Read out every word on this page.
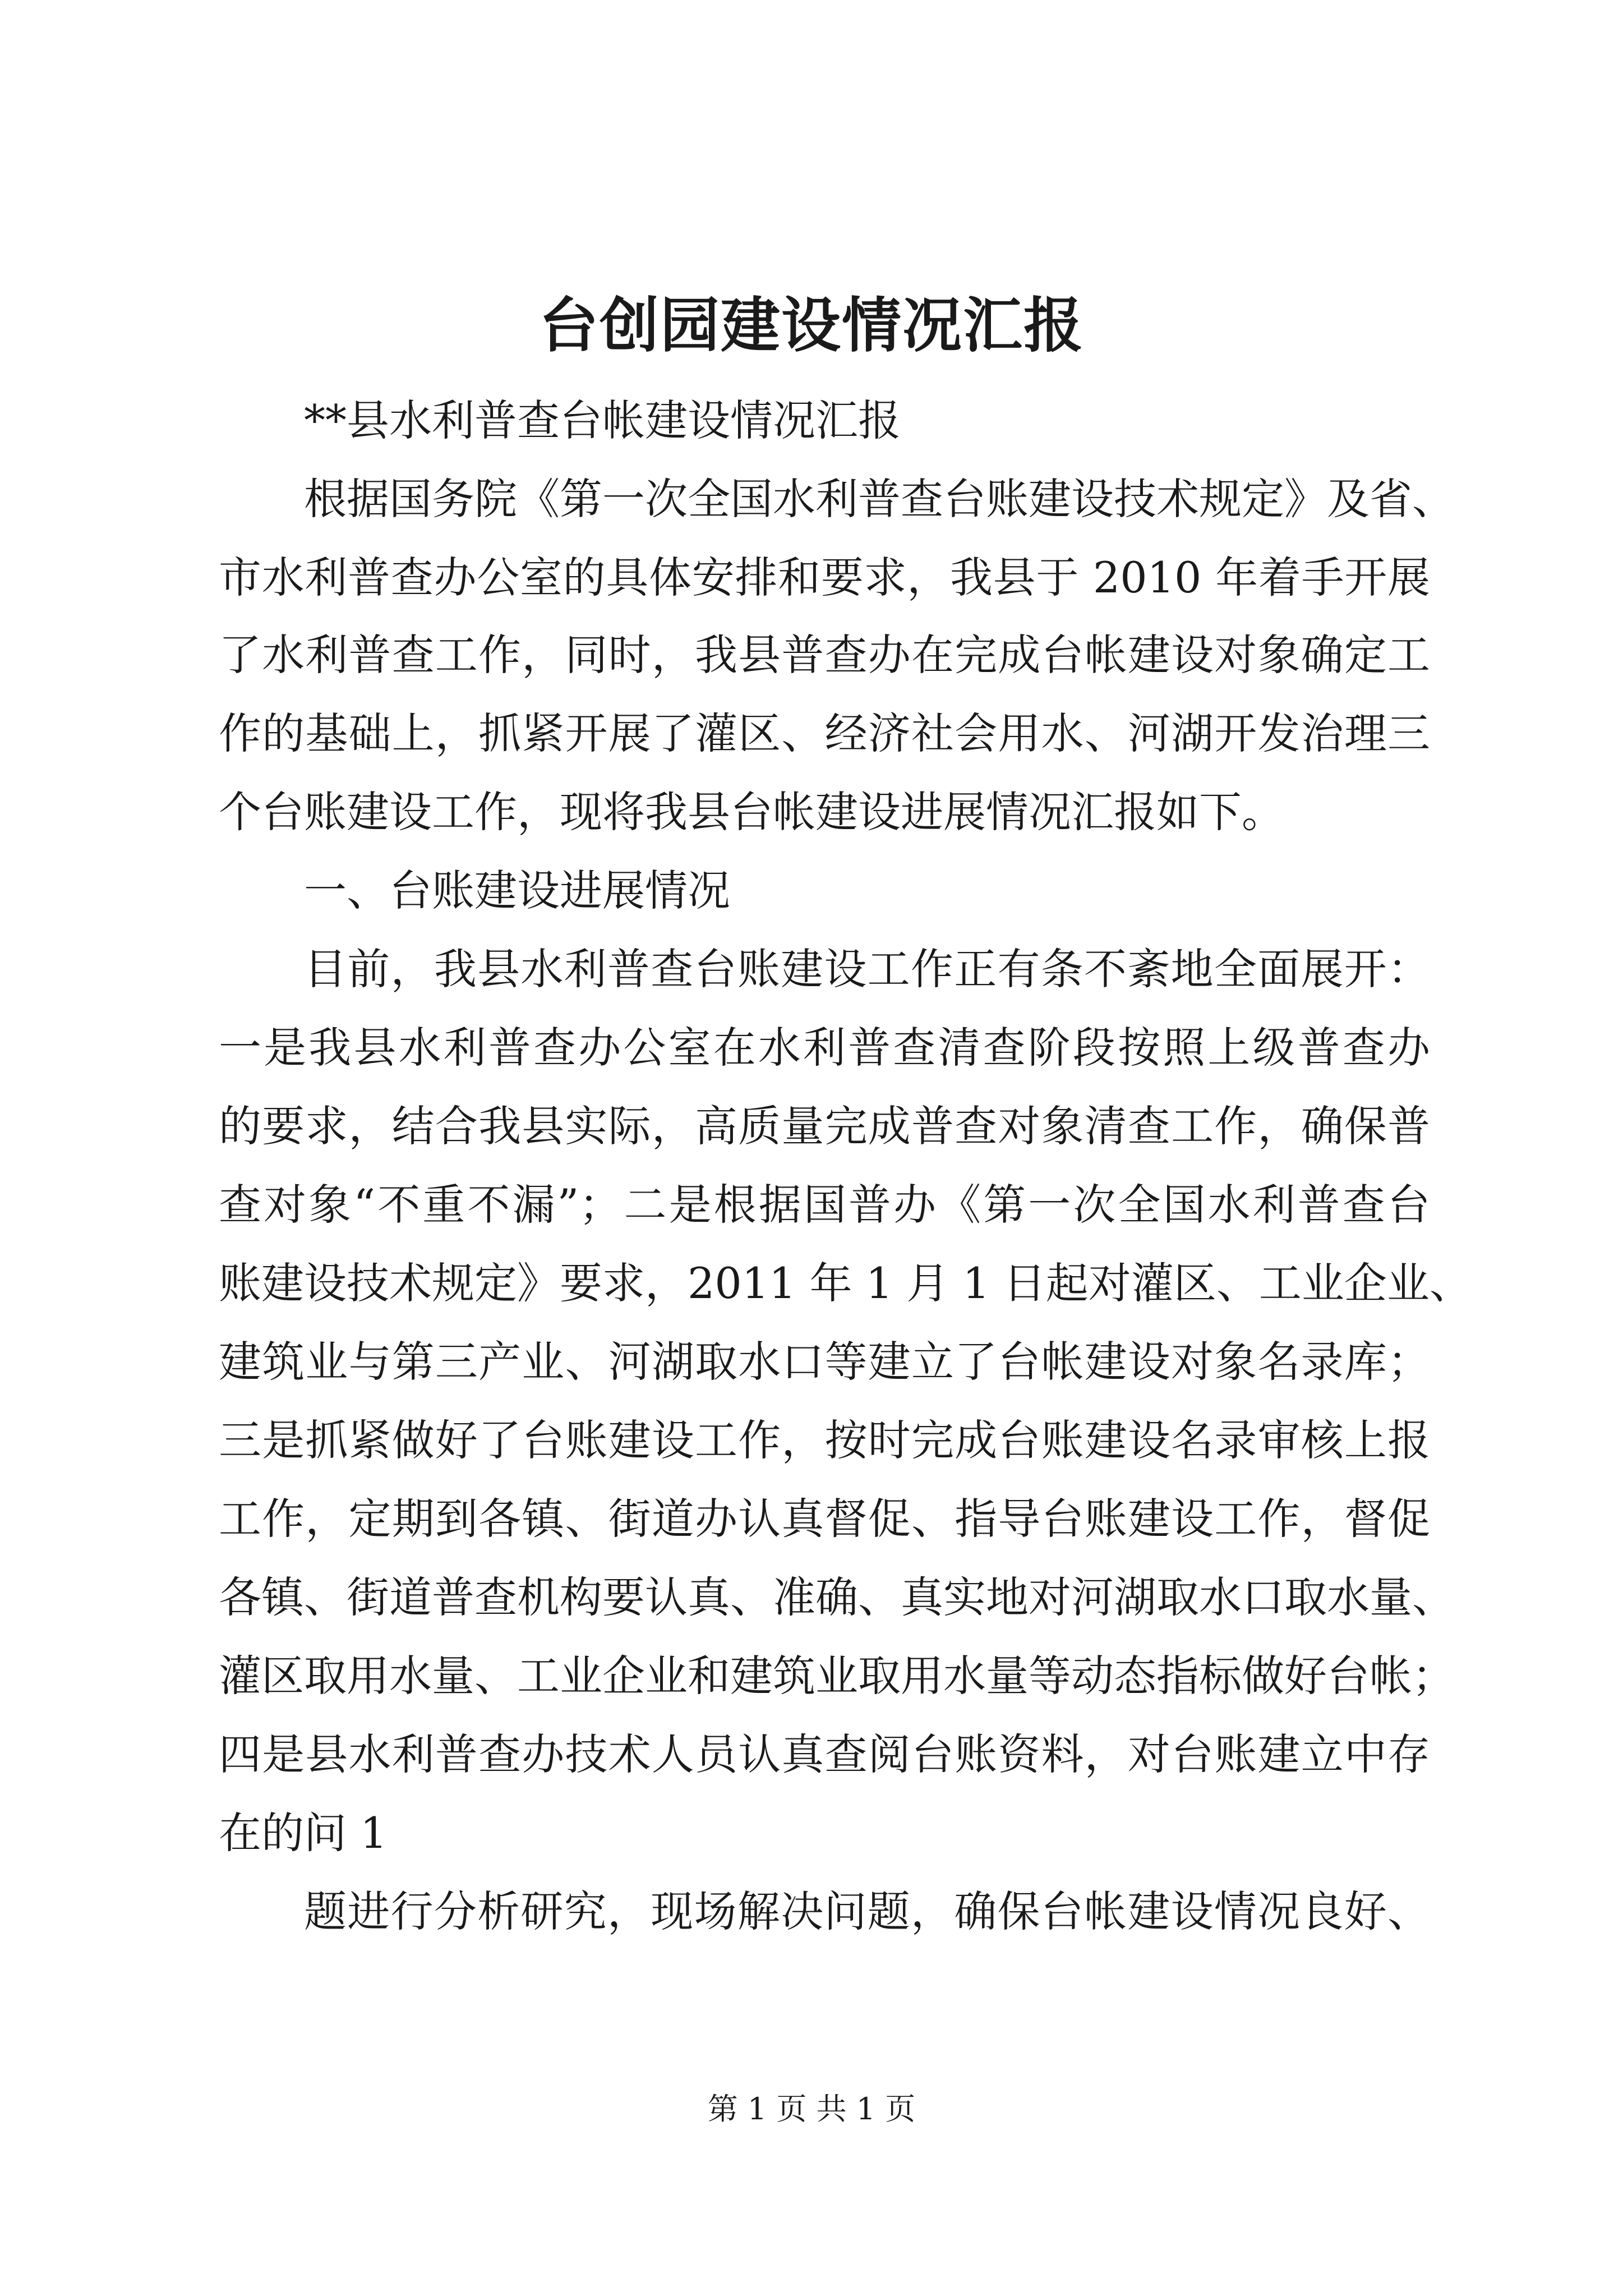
台创园建设情况汇报

**县水利普查台帐建设情况汇报

根据国务院《第一次全国水利普查台账建设技术规定》及省、

市水利普查办公室的具体安排和要求，我县于 2010 年着手开展

了水利普查工作，同时，我县普查办在完成台帐建设对象确定工

作的基础上，抓紧开展了灌区、经济社会用水、河湖开发治理三

个台账建设工作，现将我县台帐建设进展情况汇报如下。

一、台账建设进展情况

目前，我县水利普查台账建设工作正有条不紊地全面展开：

一是我县水利普查办公室在水利普查清查阶段按照上级普查办

的要求，结合我县实际，高质量完成普查对象清查工作，确保普

查对象“不重不漏”；二是根据国普办《第一次全国水利普查台

账建设技术规定》要求，2011 年 1 月 1 日起对灌区、工业企业、

建筑业与第三产业、河湖取水口等建立了台帐建设对象名录库；

三是抓紧做好了台账建设工作，按时完成台账建设名录审核上报

工作，定期到各镇、街道办认真督促、指导台账建设工作，督促

各镇、街道普查机构要认真、准确、真实地对河湖取水口取水量、

灌区取用水量、工业企业和建筑业取用水量等动态指标做好台帐；

四是县水利普查办技术人员认真查阅台账资料，对台账建立中存

在的问 1

题进行分析研究，现场解决问题，确保台帐建设情况良好、

第 1 页 共 1 页
